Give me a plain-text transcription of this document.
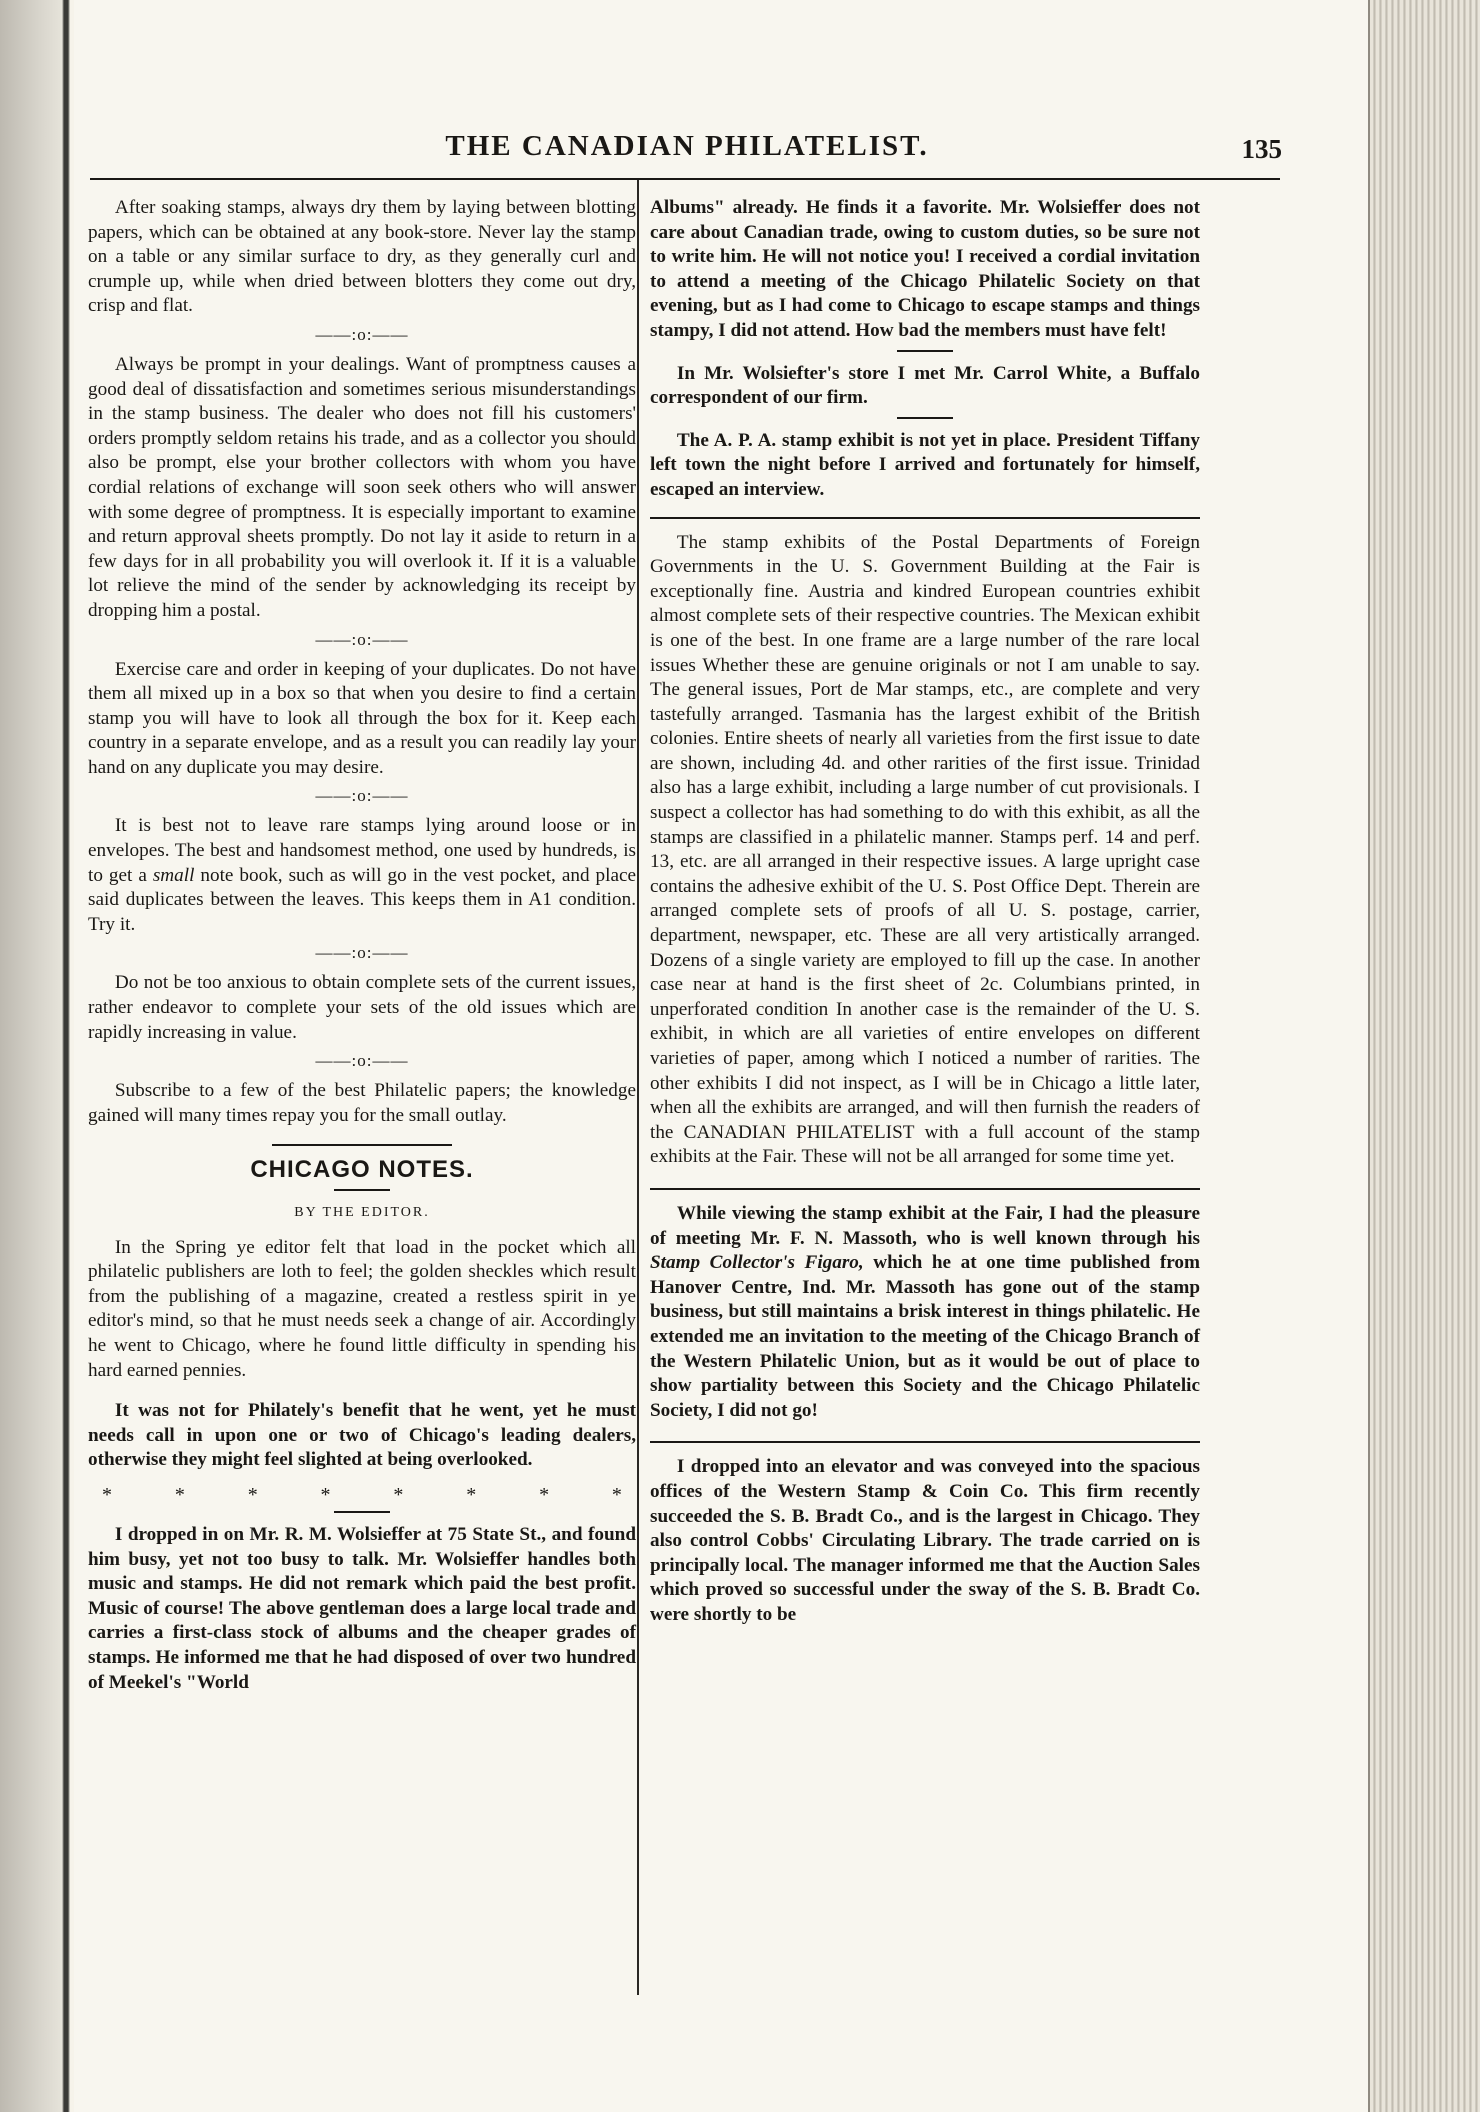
THE CANADIAN PHILATELIST.	135

After soaking stamps, always dry them by laying between blotting papers, which can be obtained at any book-store. Never lay the stamp on a table or any similar surface to dry, as they generally curl and crumple up, while when dried between blotters they come out dry, crisp and flat.

——:o:——

Always be prompt in your dealings. Want of promptness causes a good deal of dissatisfaction and sometimes serious misunderstandings in the stamp business. The dealer who does not fill his customers' orders promptly seldom retains his trade, and as a collector you should also be prompt, else your brother collectors with whom you have cordial relations of exchange will soon seek others who will answer with some degree of promptness. It is especially important to examine and return approval sheets promptly. Do not lay it aside to return in a few days for in all probability you will overlook it. If it is a valuable lot relieve the mind of the sender by acknowledging its receipt by dropping him a postal.

——:o:——

Exercise care and order in keeping of your duplicates. Do not have them all mixed up in a box so that when you desire to find a certain stamp you will have to look all through the box for it. Keep each country in a separate envelope, and as a result you can readily lay your hand on any duplicate you may desire.

——:o:——

It is best not to leave rare stamps lying around loose or in envelopes. The best and handsomest method, one used by hundreds, is to get a small note book, such as will go in the vest pocket, and place said duplicates between the leaves. This keeps them in A1 condition. Try it.

——:o:——

Do not be too anxious to obtain complete sets of the current issues, rather endeavor to complete your sets of the old issues which are rapidly increasing in value.

——:o:——

Subscribe to a few of the best Philatelic papers; the knowledge gained will many times repay you for the small outlay.

CHICAGO NOTES.
BY THE EDITOR.

In the Spring ye editor felt that load in the pocket which all philatelic publishers are loth to feel; the golden sheckles which result from the publishing of a magazine, created a restless spirit in ye editor's mind, so that he must needs seek a change of air. Accordingly he went to Chicago, where he found little difficulty in spending his hard earned pennies.

It was not for Philately's benefit that he went, yet he must needs call in upon one or two of Chicago's leading dealers, otherwise they might feel slighted at being overlooked.

*	*	*	*	*	*	*	*

I dropped in on Mr. R. M. Wolsieffer at 75 State St., and found him busy, yet not too busy to talk. Mr. Wolsieffer handles both music and stamps. He did not remark which paid the best profit. Music of course! The above gentleman does a large local trade and carries a first-class stock of albums and the cheaper grades of stamps. He informed me that he had disposed of over two hundred of Meekel's "World

Albums" already. He finds it a favorite. Mr. Wolsieffer does not care about Canadian trade, owing to custom duties, so be sure not to write him. He will not notice you! I received a cordial invitation to attend a meeting of the Chicago Philatelic Society on that evening, but as I had come to Chicago to escape stamps and things stampy, I did not attend. How bad the members must have felt!

In Mr. Wolsiefter's store I met Mr. Carrol White, a Buffalo correspondent of our firm.

The A. P. A. stamp exhibit is not yet in place. President Tiffany left town the night before I arrived and fortunately for himself, escaped an interview.

The stamp exhibits of the Postal Departments of Foreign Governments in the U. S. Government Building at the Fair is exceptionally fine. Austria and kindred European countries exhibit almost complete sets of their respective countries. The Mexican exhibit is one of the best. In one frame are a large number of the rare local issues Whether these are genuine originals or not I am unable to say. The general issues, Port de Mar stamps, etc., are complete and very tastefully arranged. Tasmania has the largest exhibit of the British colonies. Entire sheets of nearly all varieties from the first issue to date are shown, including 4d. and other rarities of the first issue. Trinidad also has a large exhibit, including a large number of cut provisionals. I suspect a collector has had something to do with this exhibit, as all the stamps are classified in a philatelic manner. Stamps perf. 14 and perf. 13, etc. are all arranged in their respective issues. A large upright case contains the adhesive exhibit of the U. S. Post Office Dept. Therein are arranged complete sets of proofs of all U. S. postage, carrier, department, newspaper, etc. These are all very artistically arranged. Dozens of a single variety are employed to fill up the case. In another case near at hand is the first sheet of 2c. Columbians printed, in unperforated condition In another case is the remainder of the U. S. exhibit, in which are all varieties of entire envelopes on different varieties of paper, among which I noticed a number of rarities. The other exhibits I did not inspect, as I will be in Chicago a little later, when all the exhibits are arranged, and will then furnish the readers of the CANADIAN PHILATELIST with a full account of the stamp exhibits at the Fair. These will not be all arranged for some time yet.

While viewing the stamp exhibit at the Fair, I had the pleasure of meeting Mr. F. N. Massoth, who is well known through his Stamp Collector's Figaro, which he at one time published from Hanover Centre, Ind. Mr. Massoth has gone out of the stamp business, but still maintains a brisk interest in things philatelic. He extended me an invitation to the meeting of the Chicago Branch of the Western Philatelic Union, but as it would be out of place to show partiality between this Society and the Chicago Philatelic Society, I did not go!

I dropped into an elevator and was conveyed into the spacious offices of the Western Stamp & Coin Co. This firm recently succeeded the S. B. Bradt Co., and is the largest in Chicago. They also control Cobbs' Circulating Library. The trade carried on is principally local. The manager informed me that the Auction Sales which proved so successful under the sway of the S. B. Bradt Co. were shortly to be
